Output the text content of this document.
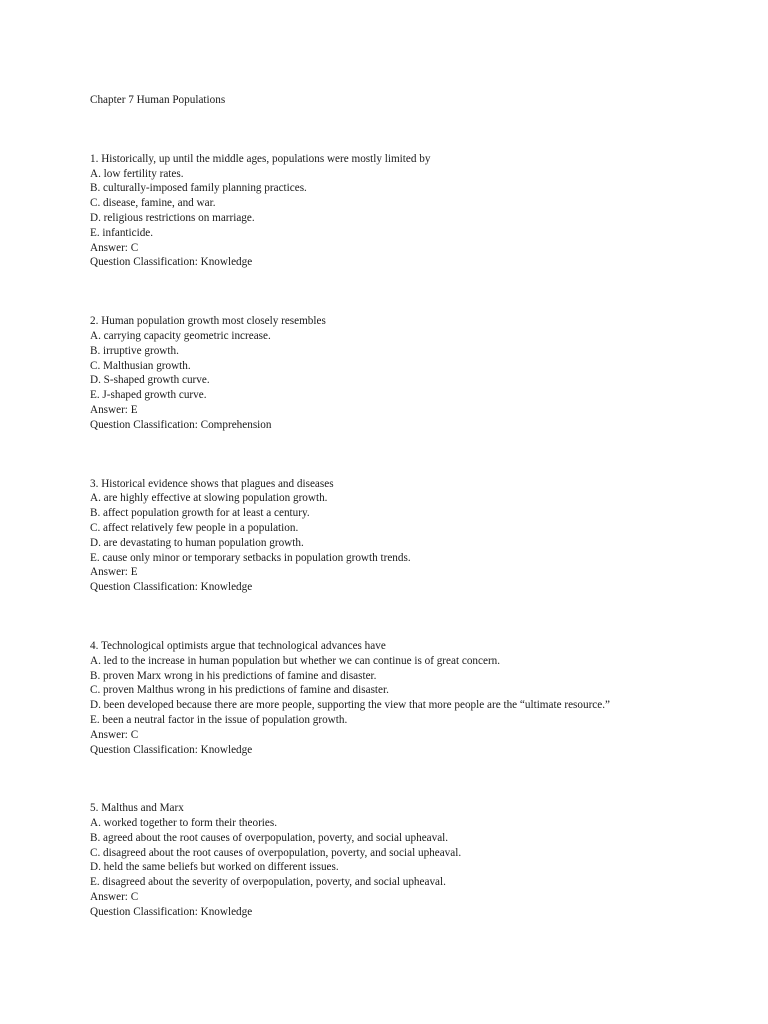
Chapter 7 Human Populations
1. Historically, up until the middle ages, populations were mostly limited by
A. low fertility rates.
B. culturally-imposed family planning practices.
C. disease, famine, and war.
D. religious restrictions on marriage.
E. infanticide.
Answer: C
Question Classification: Knowledge
2. Human population growth most closely resembles
A. carrying capacity geometric increase.
B. irruptive growth.
C. Malthusian growth.
D. S-shaped growth curve.
E. J-shaped growth curve.
Answer: E
Question Classification: Comprehension
3. Historical evidence shows that plagues and diseases
A. are highly effective at slowing population growth.
B. affect population growth for at least a century.
C. affect relatively few people in a population.
D. are devastating to human population growth.
E. cause only minor or temporary setbacks in population growth trends.
Answer: E
Question Classification: Knowledge
4. Technological optimists argue that technological advances have
A. led to the increase in human population but whether we can continue is of great concern.
B. proven Marx wrong in his predictions of famine and disaster.
C. proven Malthus wrong in his predictions of famine and disaster.
D. been developed because there are more people, supporting the view that more people are the “ultimate resource.”
E. been a neutral factor in the issue of population growth.
Answer: C
Question Classification: Knowledge
5. Malthus and Marx
A. worked together to form their theories.
B. agreed about the root causes of overpopulation, poverty, and social upheaval.
C. disagreed about the root causes of overpopulation, poverty, and social upheaval.
D. held the same beliefs but worked on different issues.
E. disagreed about the severity of overpopulation, poverty, and social upheaval.
Answer: C
Question Classification: Knowledge
